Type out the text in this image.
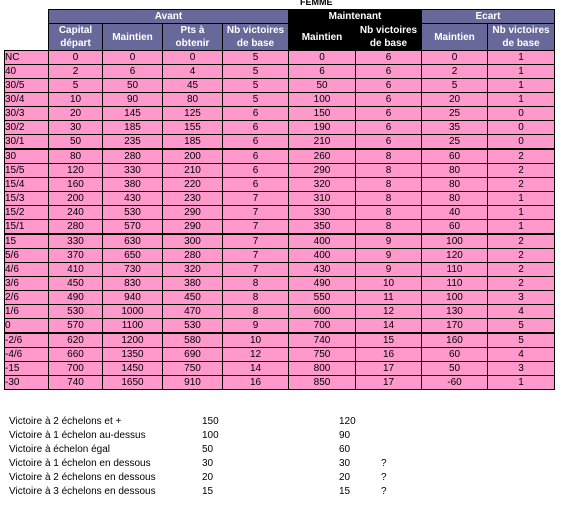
FEMME
	Avant				Maintenant		Ecart	
	Capital départ	Maintien	Pts à obtenir	Nb victoires de base	Maintien	Nb victoires de base	Maintien	Nb victoires de base
NC	0	0	0	5	0	6	0	1
40	2	6	4	5	6	6	2	1
30/5	5	50	45	5	50	6	5	1
30/4	10	90	80	5	100	6	20	1
30/3	20	145	125	6	150	6	25	0
30/2	30	185	155	6	190	6	35	0
30/1	50	235	185	6	210	6	25	0
30	80	280	200	6	260	8	60	2
15/5	120	330	210	6	290	8	80	2
15/4	160	380	220	6	320	8	80	2
15/3	200	430	230	7	310	8	80	1
15/2	240	530	290	7	330	8	40	1
15/1	280	570	290	7	350	8	60	1
15	330	630	300	7	400	9	100	2
5/6	370	650	280	7	400	9	120	2
4/6	410	730	320	7	430	9	110	2
3/6	450	830	380	8	490	10	110	2
2/6	490	940	450	8	550	11	100	3
1/6	530	1000	470	8	600	12	130	4
0	570	1100	530	9	700	14	170	5
-2/6	620	1200	580	10	740	15	160	5
-4/6	660	1350	690	12	750	16	60	4
-15	700	1450	750	14	800	17	50	3
-30	740	1650	910	16	850	17	-60	1
Victoire à 2 échelons et +	150	120
Victoire à 1 échelon au-dessus	100	90
Victoire à échelon égal	50	60
Victoire à 1 échelon en dessous	30	30	?
Victoire à 2 échelons en dessous	20	20	?
Victoire à 3 échelons en dessous	15	15	?
